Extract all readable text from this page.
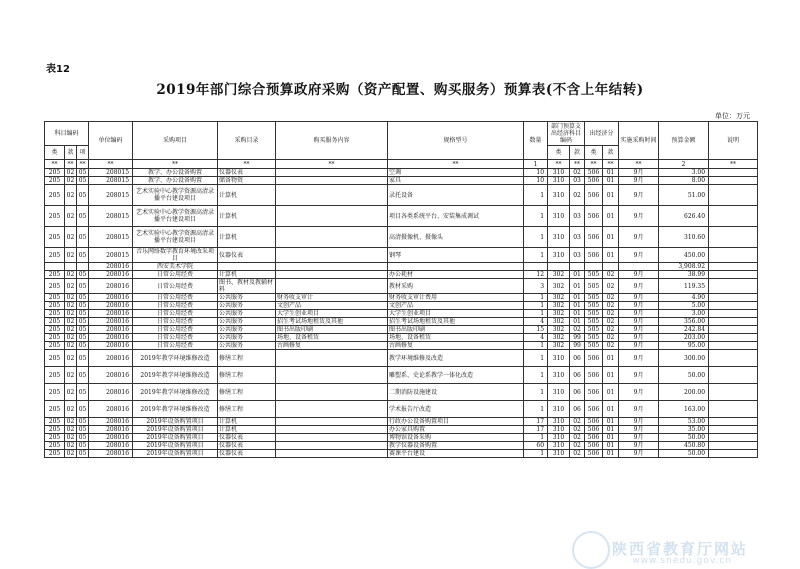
表12
2019年部门综合预算政府采购（资产配置、购买服务）预算表(不含上年结转)
单位：万元
科目编码			单位编码	采购项目	采购目录	购买服务内容	规格型号	数量	部门预算支出经济科目编码		出经济分		实施采购时间	预算金额	说明
类	款	项							类	款	类	款			
**	**	**	**	**	**	**	**	1	**	**	**	**	**	2	**
205	02	05	208015	教学、办公设备购置	仪器仪表		空调	10	310	02	506	01	9月	3.00	
205	02	05	208015	教学、办公设备购置	储备物资		家具	10	310	03	506	01	9月	8.00	
205	02	05	208015	艺术实验中心教学资源高清录播平台建设项目	计算机		录托设备	1	310	02	506	01	9月	51.00	
205	02	05	208015	艺术实验中心教学资源高清录播平台建设项目	计算机		项目各类系统平台、安装集成调试	1	310	03	506	01	9月	626.40	
205	02	05	208015	艺术实验中心教学资源高清录播平台建设项目	计算机		高清摄像机、摄像头	1	310	03	506	01	9月	310.60	
205	02	05	208015	音乐网络数字教育环境改采项目	仪器仪表		钢琴	1	310	03	506	01	9月	450.00	
			208016	西安美术学院										3,908.92	
205	02	05	208016	日常公用经费	计算机		办公耗材	12	302	01	505	02	9月	38.99	
205	02	05	208016	日常公用经费	图书、教材及教辅材料		教材采购	3	302	01	505	02	9月	119.35	
205	02	05	208016	日常公用经费	公共服务	财务收支审计	财务收支审计费用	1	302	01	505	02	9月	4.90	
205	02	05	208016	日常公用经费	公共服务	文创产品	文创产品	1	302	01	505	02	9月	5.00	
205	02	05	208016	日常公用经费	公共服务	大学生创业项目	大学生创业项目	1	302	01	505	02	9月	3.00	
205	02	05	208016	日常公用经费	公共服务	招生考试场地租赁及其他	招生考试场地租赁及其他	4	302	01	505	02	9月	356.00	
205	02	05	208016	日常公用经费	公共服务	图书出版印刷	图书出版印刷	15	302	02	505	02	9月	242.84	
205	02	05	208016	日常公用经费	公共服务	场地、设备租赁	场地、设备租赁	4	302	99	505	02	9月	203.00	
205	02	05	208016	日常公用经费	公共服务	古画修复	古画修复	1	302	99	505	02	9月	95.00	
205	02	05	208016	2019年教学环境维修改造	修缮工程		教学环境维修及改造	1	310	06	506	01	9月	300.00	
205	02	05	208016	2019年教学环境维修改造	修缮工程		雕塑系、史论系教学一体化改造	1	310	06	506	01	9月	50.00	
205	02	05	208016	2019年教学环境维修改造	修缮工程		二期消防设施建设	1	310	06	506	01	9月	200.00	
205	02	05	208016	2019年教学环境维修改造	修缮工程		学术报告厅改造	1	310	06	506	01	9月	163.00	
205	02	05	208016	2019年设备购置项目	计算机		行政办公设备购置项目	17	310	02	506	01	9月	53.00	
205	02	05	208016	2019年设备购置项目	计算机		办公家具购置	17	310	02	506	01	9月	35.00	
205	02	05	208016	2019年设备购置项目	仪器仪表		博物馆设备采购	1	310	02	506	01	9月	50.00	
205	02	05	208016	2019年设备购置项目	仪器仪表		教学仪器设备购置	60	310	02	506	01	9月	450.80	
205	02	05	208016	2019年设备购置项目	仪器仪表		赛课平台建设	1	310	02	506	01	9月	50.00	
陕西省教育厅网站
www.snedu.gov.cn
